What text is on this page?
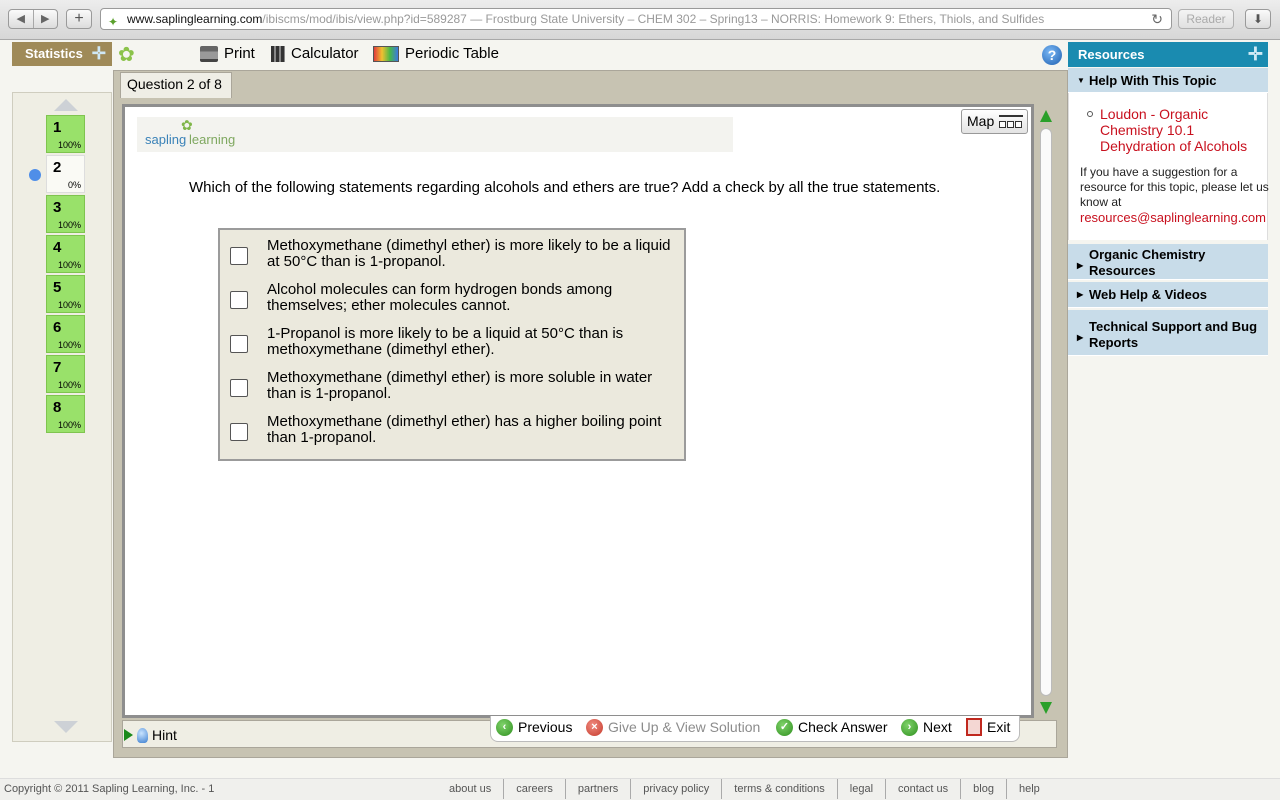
◀	▶	+	✦ www.saplinglearning.com/ibiscms/mod/ibis/view.php?id=589287 — Frostburg State University – CHEM 302 – Spring13 – NORRIS: Homework 9: Ethers, Thiols, and Sulfides	↻	Reader	⬇
Statistics ✛ ✿	Print Calculator	Periodic Table	?
1
100%
2
0%
3
100%
4
100%
5
100%
6
100%
7
100%
8
100%
Question 2 of 8
✿
sapling learning
Map
Which of the following statements regarding alcohols and ethers are true? Add a check by all the true statements.
Methoxymethane (dimethyl ether) is more likely to be a liquid at 50°C than is 1-propanol.
Alcohol molecules can form hydrogen bonds among themselves; ether molecules cannot.
1-Propanol is more likely to be a liquid at 50°C than is methoxymethane (dimethyl ether).
Methoxymethane (dimethyl ether) is more soluble in water than is 1-propanol.
Methoxymethane (dimethyl ether) has a higher boiling point than 1-propanol.
Hint
‹ Previous	× Give Up & View Solution	✓ Check Answer	› Next	Exit
Resources	✛
▼ Help With This Topic
Loudon - Organic Chemistry 10.1 Dehydration of Alcohols
If you have a suggestion for a resource for this topic, please let us know at resources@saplinglearning.com
▶
Organic Chemistry Resources
▶ Web Help & Videos
▶
Technical Support and Bug Reports
Copyright © 2011 Sapling Learning, Inc. - 1	about us	careers	partners	privacy policy	terms & conditions	legal	contact us	blog	help
